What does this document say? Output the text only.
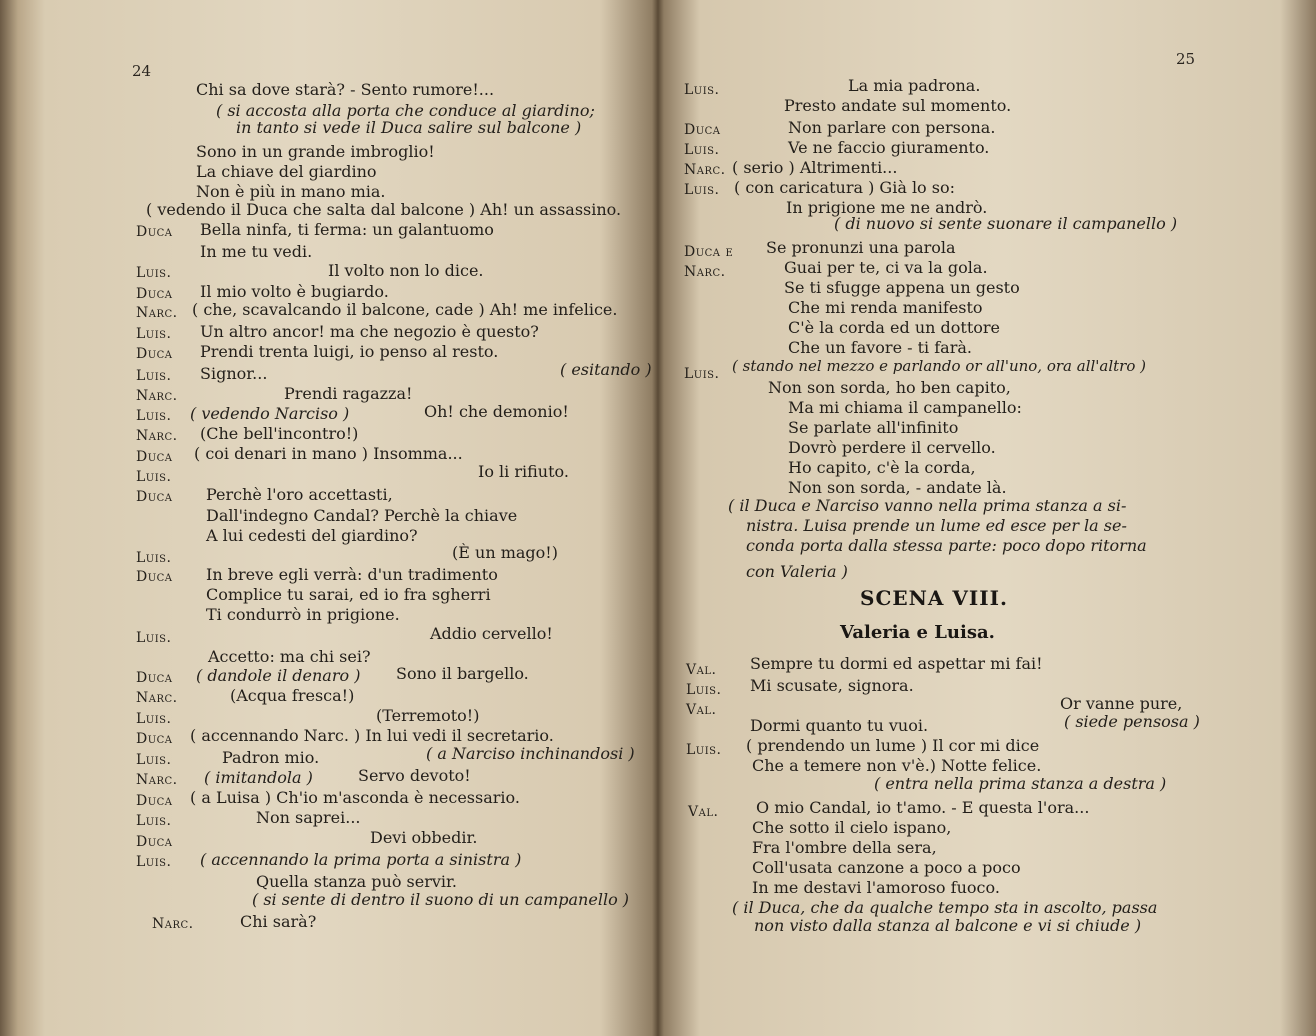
24
Chi sa dove starà? - Sento rumore!...
( si accosta alla porta che conduce al giardino;
in tanto si vede il Duca salire sul balcone )
Sono in un grande imbroglio!
La chiave del giardino
Non è più in mano mia.
( vedendo il Duca che salta dal balcone ) Ah! un assassino.
Duca Bella ninfa, ti ferma: un galantuomo
In me tu vedi.
Luis.	Il volto non lo dice.
Duca Il mio volto è bugiardo.
Narc. ( che, scavalcando il balcone, cade ) Ah! me infelice.
Luis. Un altro ancor! ma che negozio è questo?
Duca Prendi trenta luigi, io penso al resto.
Luis. Signor...	( esitando )
Narc.	Prendi ragazza!
Luis. ( vedendo Narciso )	Oh! che demonio!
Narc. (Che bell'incontro!)
Duca ( coi denari in mano ) Insomma...
Luis.	Io li rifiuto.
Duca Perchè l'oro accettasti,
Dall'indegno Candal? Perchè la chiave
A lui cedesti del giardino?
Luis.	(È un mago!)
Duca In breve egli verrà: d'un tradimento
Complice tu sarai, ed io fra sgherri
Ti condurrò in prigione.
Luis.	Addio cervello!
Accetto: ma chi sei?
Duca ( dandole il denaro ) Sono il bargello.
Narc.	(Acqua fresca!)
Luis.	(Terremoto!)
Duca ( accennando Narc. ) In lui vedi il secretario.
Luis.	Padron mio.	( a Narciso inchinandosi )
Narc. ( imitandola )	Servo devoto!
Duca ( a Luisa ) Ch'io m'asconda è necessario.
Luis.	Non saprei...
Duca	Devi obbedir.
Luis. ( accennando la prima porta a sinistra )
Quella stanza può servir.
( si sente di dentro il suono di un campanello )
Narc.	Chi sarà?
25
Luis.	La mia padrona.
Presto andate sul momento.
Duca	Non parlare con persona.
Luis.	Ve ne faccio giuramento.
Narc. ( serio ) Altrimenti...
Luis. ( con caricatura ) Già lo so:
In prigione me ne andrò.
( di nuovo si sente suonare il campanello )
Duca e Se pronunzi una parola
Narc.	Guai per te, ci va la gola.
Se ti sfugge appena un gesto
Che mi renda manifesto
C'è la corda ed un dottore
Che un favore - ti farà.
Luis. ( stando nel mezzo e parlando or all'uno, ora all'altro )
Non son sorda, ho ben capito,
Ma mi chiama il campanello:
Se parlate all'infinito
Dovrò perdere il cervello.
Ho capito, c'è la corda,
Non son sorda, - andate là.
( il Duca e Narciso vanno nella prima stanza a si-
nistra. Luisa prende un lume ed esce per la se-
conda porta dalla stessa parte: poco dopo ritorna
con Valeria )
SCENA VIII.
Valeria e Luisa.
Val. Sempre tu dormi ed aspettar mi fai!
Luis. Mi scusate, signora.
Val.	Or vanne pure,
Dormi quanto tu vuoi.	( siede pensosa )
Luis. ( prendendo un lume ) Il cor mi dice
Che a temere non v'è.) Notte felice.
( entra nella prima stanza a destra )
Val. O mio Candal, io t'amo. - E questa l'ora...
Che sotto il cielo ispano,
Fra l'ombre della sera,
Coll'usata canzone a poco a poco
In me destavi l'amoroso fuoco.
( il Duca, che da qualche tempo sta in ascolto, passa
non visto dalla stanza al balcone e vi si chiude )
